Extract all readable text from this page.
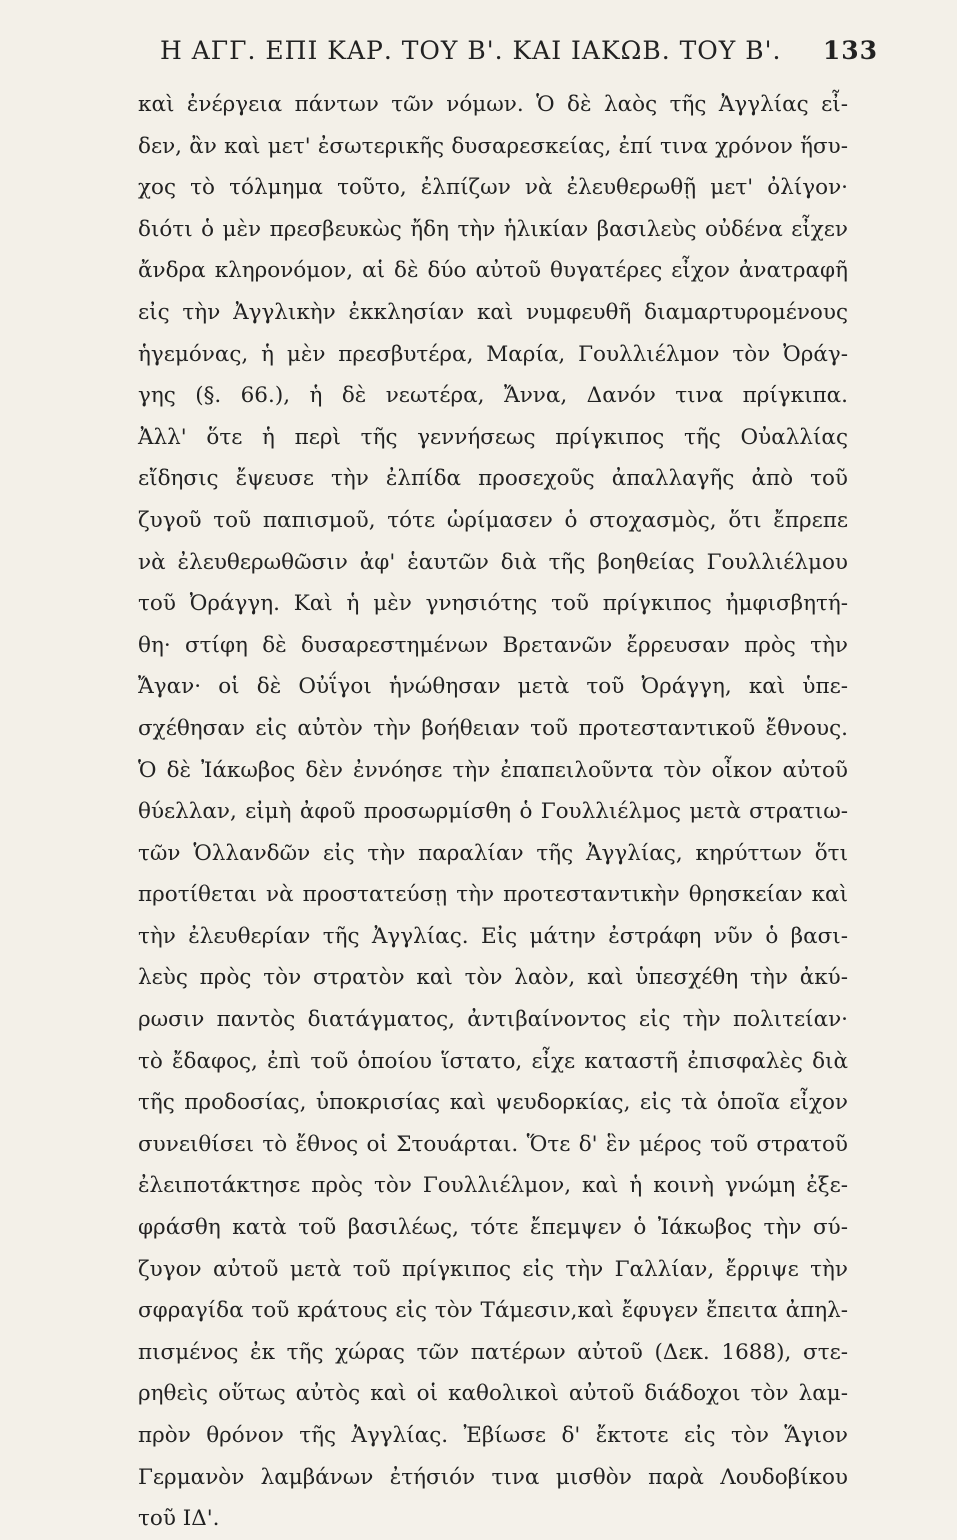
Η ΑΓΓ. ΕΠΙ ΚΑΡ. ΤΟΥ Β'. ΚΑΙ ΙΑΚΩΒ. ΤΟΥ Β'. 133
καὶ ἐνέργεια πάντων τῶν νόμων. Ὁ δὲ λαὸς τῆς Ἀγγλίας εἶ-
δεν, ἂν καὶ μετ' ἐσωτερικῆς δυσαρεσκείας, ἐπί τινα χρόνον ἥσυ-
χος τὸ τόλμημα τοῦτο, ἐλπίζων νὰ ἐλευθερωθῇ μετ' ὀλίγον·
διότι ὁ μὲν πρεσβευκὼς ἤδη τὴν ἡλικίαν βασιλεὺς οὐδένα εἶχεν
ἄνδρα κληρονόμον, αἱ δὲ δύο αὐτοῦ θυγατέρες εἶχον ἀνατραφῆ
εἰς τὴν Ἀγγλικὴν ἐκκλησίαν καὶ νυμφευθῆ διαμαρτυρομένους
ἡγεμόνας, ἡ μὲν πρεσβυτέρα, Μαρία, Γουλλιέλμον τὸν Ὀράγ-
γης (§. 66.), ἡ δὲ νεωτέρα, Ἄννα, Δανόν τινα πρίγκιπα.
Ἀλλ' ὅτε ἡ περὶ τῆς γεννήσεως πρίγκιπος τῆς Οὐαλλίας
εἴδησις ἔψευσε τὴν ἐλπίδα προσεχοῦς ἀπαλλαγῆς ἀπὸ τοῦ
ζυγοῦ τοῦ παπισμοῦ, τότε ὡρίμασεν ὁ στοχασμὸς, ὅτι ἔπρεπε
νὰ ἐλευθερωθῶσιν ἀφ' ἑαυτῶν διὰ τῆς βοηθείας Γουλλιέλμου
τοῦ Ὀράγγη. Καὶ ἡ μὲν γνησιότης τοῦ πρίγκιπος ἠμφισβητή-
θη· στίφη δὲ δυσαρεστημένων Βρετανῶν ἔρρευσαν πρὸς τὴν
Ἄγαν· οἱ δὲ Οὐΐγοι ἡνώθησαν μετὰ τοῦ Ὀράγγη, καὶ ὑπε-
σχέθησαν εἰς αὐτὸν τὴν βοήθειαν τοῦ προτεσταντικοῦ ἔθνους.
Ὁ δὲ Ἰάκωβος δὲν ἐννόησε τὴν ἐπαπειλοῦντα τὸν οἶκον αὐτοῦ
θύελλαν, εἰμὴ ἀφοῦ προσωρμίσθη ὁ Γουλλιέλμος μετὰ στρατιω-
τῶν Ὁλλανδῶν εἰς τὴν παραλίαν τῆς Ἀγγλίας, κηρύττων ὅτι
προτίθεται νὰ προστατεύσῃ τὴν προτεσταντικὴν θρησκείαν καὶ
τὴν ἐλευθερίαν τῆς Ἀγγλίας. Εἰς μάτην ἐστράφη νῦν ὁ βασι-
λεὺς πρὸς τὸν στρατὸν καὶ τὸν λαὸν, καὶ ὑπεσχέθη τὴν ἀκύ-
ρωσιν παντὸς διατάγματος, ἀντιβαίνοντος εἰς τὴν πολιτείαν·
τὸ ἔδαφος, ἐπὶ τοῦ ὁποίου ἵστατο, εἶχε καταστῆ ἐπισφαλὲς διὰ
τῆς προδοσίας, ὑποκρισίας καὶ ψευδορκίας, εἰς τὰ ὁποῖα εἶχον
συνειθίσει τὸ ἔθνος οἱ Στουάρται. Ὅτε δ' ἓν μέρος τοῦ στρατοῦ
ἐλειποτάκτησε πρὸς τὸν Γουλλιέλμον, καὶ ἡ κοινὴ γνώμη ἐξε-
φράσθη κατὰ τοῦ βασιλέως, τότε ἔπεμψεν ὁ Ἰάκωβος τὴν σύ-
ζυγον αὐτοῦ μετὰ τοῦ πρίγκιπος εἰς τὴν Γαλλίαν, ἔρριψε τὴν
σφραγίδα τοῦ κράτους εἰς τὸν Τάμεσιν,καὶ ἔφυγεν ἔπειτα ἀπηλ-
πισμένος ἐκ τῆς χώρας τῶν πατέρων αὐτοῦ (Δεκ. 1688), στε-
ρηθεὶς οὕτως αὐτὸς καὶ οἱ καθολικοὶ αὐτοῦ διάδοχοι τὸν λαμ-
πρὸν θρόνον τῆς Ἀγγλίας. Ἐβίωσε δ' ἔκτοτε εἰς τὸν Ἅγιον
Γερμανὸν λαμβάνων ἐτήσιόν τινα μισθὸν παρὰ Λουδοβίκου
τοῦ ΙΔ'.
